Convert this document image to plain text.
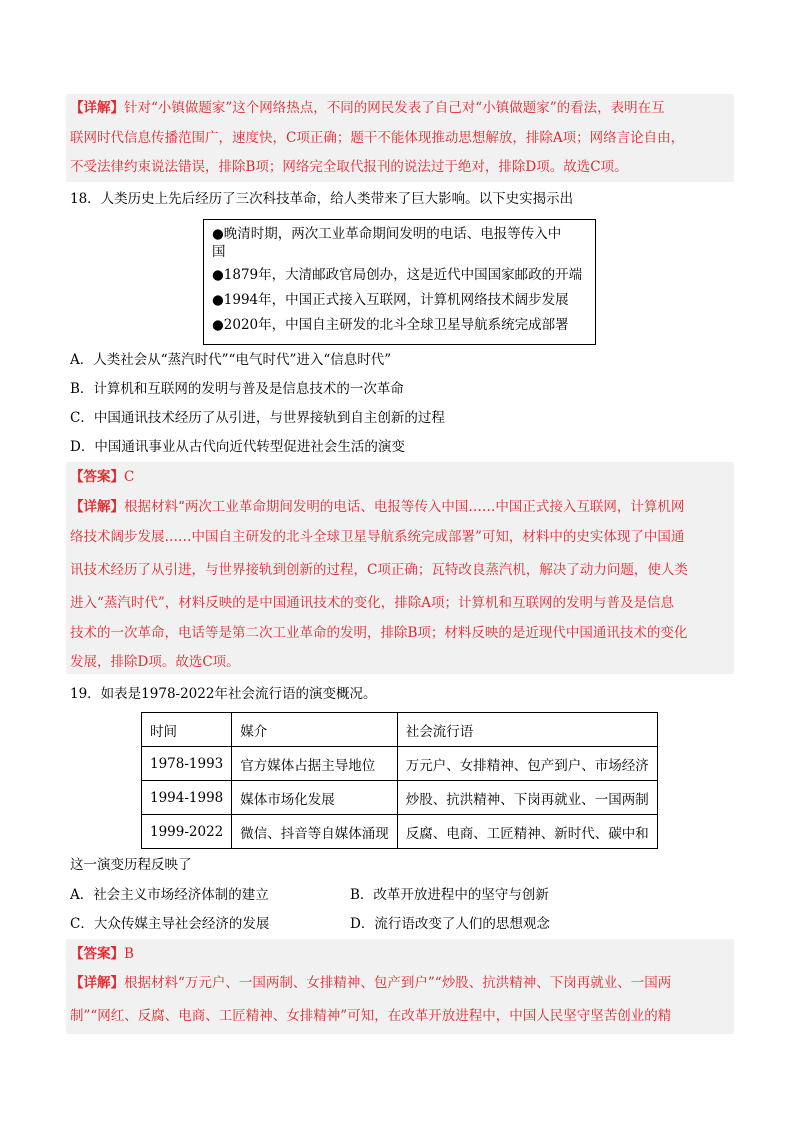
【详解】针对“小镇做题家”这个网络热点，不同的网民发表了自己对“小镇做题家”的看法，表明在互
联网时代信息传播范围广，速度快，C项正确；题干不能体现推动思想解放，排除A项；网络言论自由，
不受法律约束说法错误，排除B项；网络完全取代报刊的说法过于绝对，排除D项。故选C项。
18．人类历史上先后经历了三次科技革命，给人类带来了巨大影响。以下史实揭示出
●晚清时期，两次工业革命期间发明的电话、电报等传入中
国
●1879年，大清邮政官局创办，这是近代中国国家邮政的开端
●1994年，中国正式接入互联网，计算机网络技术阔步发展
●2020年，中国自主研发的北斗全球卫星导航系统完成部署
A．人类社会从“蒸汽时代”“电气时代”进入“信息时代”
B．计算机和互联网的发明与普及是信息技术的一次革命
C．中国通讯技术经历了从引进，与世界接轨到自主创新的过程
D．中国通讯事业从古代向近代转型促进社会生活的演变
【答案】C
【详解】根据材料“两次工业革命期间发明的电话、电报等传入中国……中国正式接入互联网，计算机网
络技术阔步发展……中国自主研发的北斗全球卫星导航系统完成部署”可知，材料中的史实体现了中国通
讯技术经历了从引进，与世界接轨到创新的过程，C项正确；瓦特改良蒸汽机，解决了动力问题，使人类
进入“蒸汽时代”，材料反映的是中国通讯技术的变化，排除A项；计算机和互联网的发明与普及是信息
技术的一次革命，电话等是第二次工业革命的发明，排除B项；材料反映的是近现代中国通讯技术的变化
发展，排除D项。故选C项。
19．如表是1978-2022年社会流行语的演变概况。
时间	媒介	社会流行语
1978-1993	官方媒体占据主导地位	万元户、女排精神、包产到户、市场经济
1994-1998	媒体市场化发展	炒股、抗洪精神、下岗再就业、一国两制
1999-2022	微信、抖音等自媒体涌现	反腐、电商、工匠精神、新时代、碳中和
这一演变历程反映了
A．社会主义市场经济体制的建立	B．改革开放进程中的坚守与创新
C．大众传媒主导社会经济的发展	D．流行语改变了人们的思想观念
【答案】B
【详解】根据材料“万元户、一国两制、女排精神、包产到户”“炒股、抗洪精神、下岗再就业、一国两
制”“网红、反腐、电商、工匠精神、女排精神”可知，在改革开放进程中，中国人民坚守坚苦创业的精
